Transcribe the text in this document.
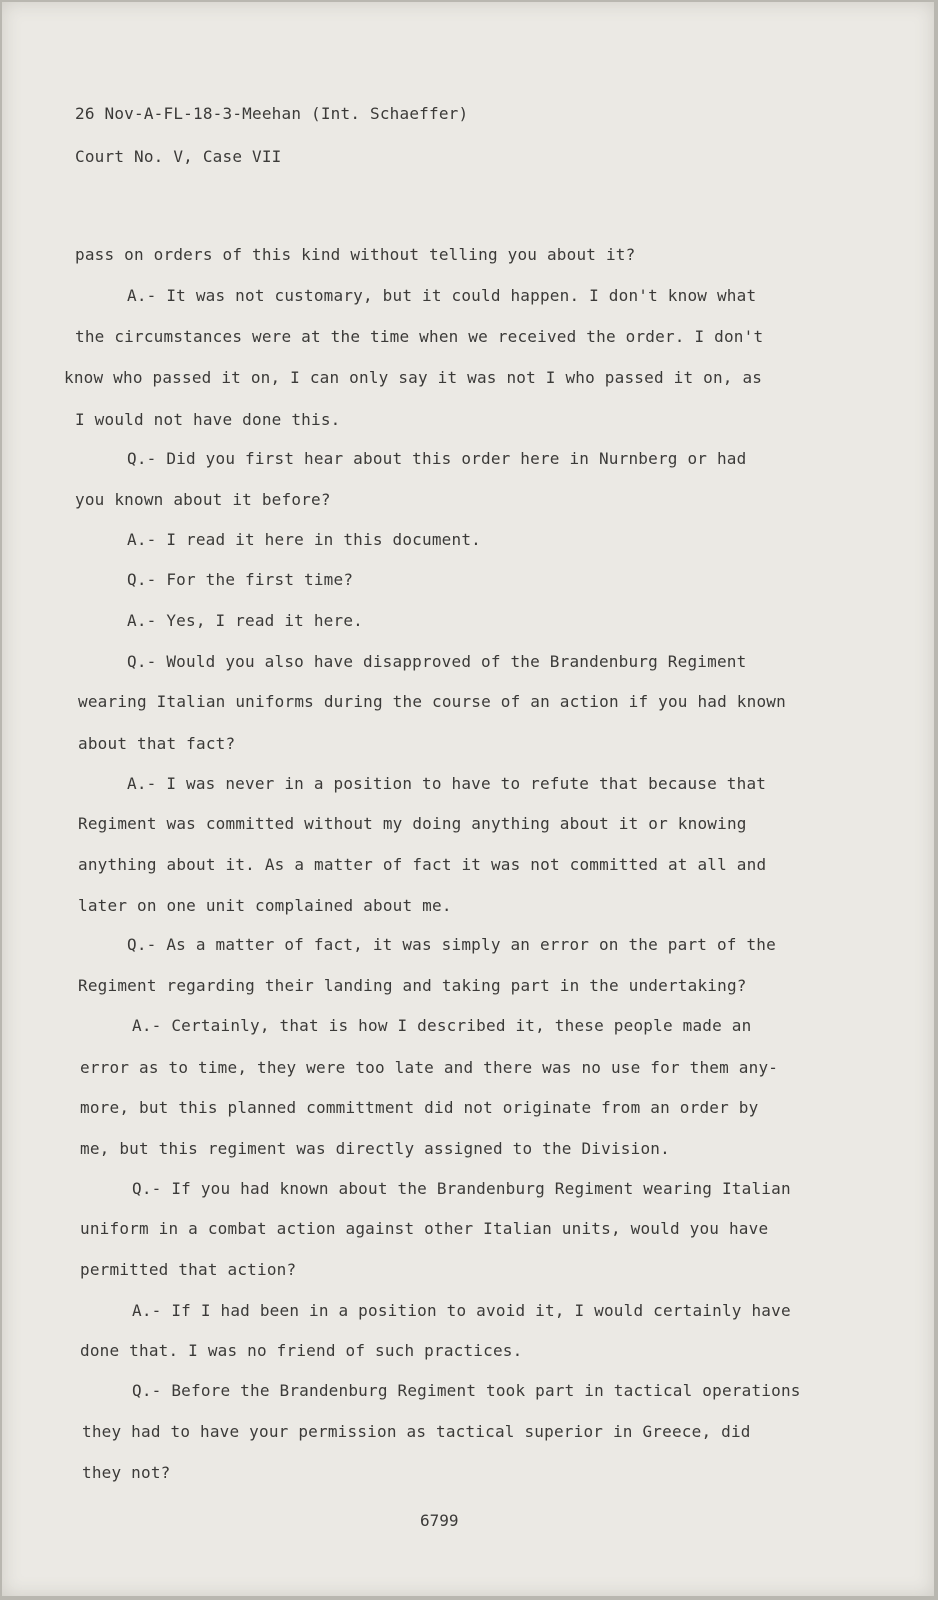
26 Nov-A-FL-18-3-Meehan (Int. Schaeffer)
Court No. V, Case VII
pass on orders of this kind without telling you about it?
A.- It was not customary, but it could happen. I don't know what
the circumstances were at the time when we received the order. I don't
know who passed it on, I can only say it was not I who passed it on, as
I would not have done this.
Q.- Did you first hear about this order here in Nurnberg or had
you known about it before?
A.- I read it here in this document.
Q.- For the first time?
A.- Yes, I read it here.
Q.- Would you also have disapproved of the Brandenburg Regiment
wearing Italian uniforms during the course of an action if you had known
about that fact?
A.- I was never in a position to have to refute that because that
Regiment was committed without my doing anything about it or knowing
anything about it. As a matter of fact it was not committed at all and
later on one unit complained about me.
Q.- As a matter of fact, it was simply an error on the part of the
Regiment regarding their landing and taking part in the undertaking?
A.- Certainly, that is how I described it, these people made an
error as to time, they were too late and there was no use for them any-
more, but this planned committment did not originate from an order by
me, but this regiment was directly assigned to the Division.
Q.- If you had known about the Brandenburg Regiment wearing Italian
uniform in a combat action against other Italian units, would you have
permitted that action?
A.- If I had been in a position to avoid it, I would certainly have
done that. I was no friend of such practices.
Q.- Before the Brandenburg Regiment took part in tactical operations
they had to have your permission as tactical superior in Greece, did
they not?
6799
